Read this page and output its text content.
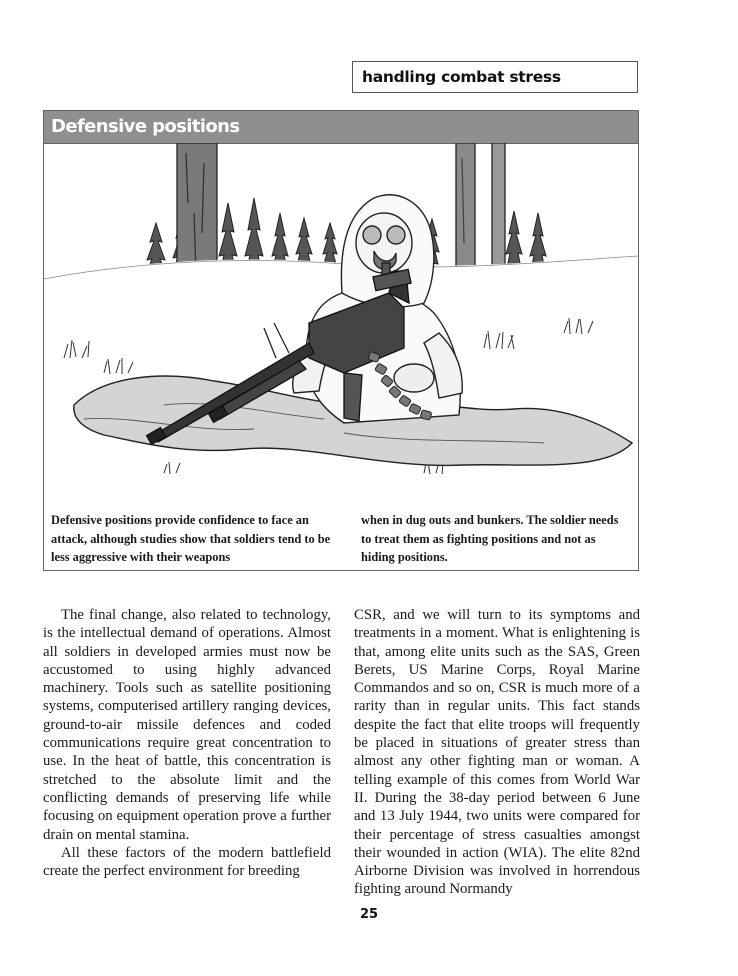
handling combat stress
Defensive positions
Defensive positions provide confidence to face an attack, although studies show that soldiers tend to be less aggressive with their weapons
when in dug outs and bunkers. The soldier needs to treat them as fighting positions and not as hiding positions.

The final change, also related to technology, is the intellectual demand of operations. Almost all soldiers in developed armies must now be accustomed to using highly advanced machinery. Tools such as satellite positioning systems, computerised artillery ranging devices, ground-to-air missile defences and coded communications require great concentration to use. In the heat of battle, this concentration is stretched to the absolute limit and the conflicting demands of preserving life while focusing on equipment operation prove a further drain on mental stamina.

All these factors of the modern battlefield create the perfect environment for breeding

CSR, and we will turn to its symptoms and treatments in a moment. What is enlightening is that, among elite units such as the SAS, Green Berets, US Marine Corps, Royal Marine Commandos and so on, CSR is much more of a rarity than in regular units. This fact stands despite the fact that elite troops will frequently be placed in situations of greater stress than almost any other fighting man or woman. A telling example of this comes from World War II. During the 38-day period between 6 June and 13 July 1944, two units were compared for their percentage of stress casualties amongst their wounded in action (WIA). The elite 82nd Airborne Division was involved in horrendous fighting around Normandy

25
